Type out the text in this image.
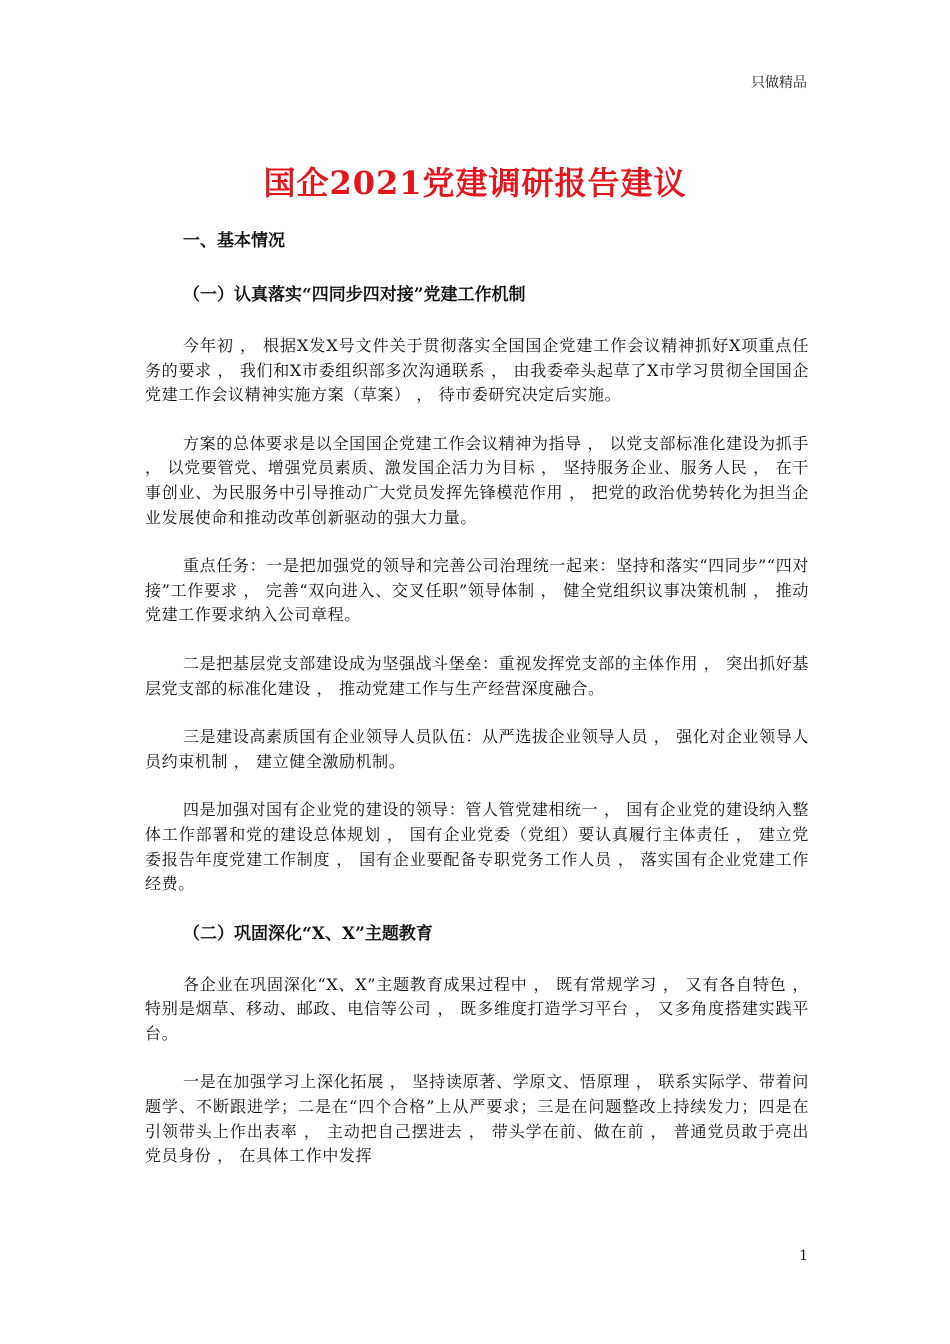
只做精品
国企2021党建调研报告建议
一、基本情况
（一）认真落实“四同步四对接”党建工作机制

今年初 ， 根据X发X号文件关于贯彻落实全国国企党建工作会议精神抓好X项重点任务的要求 ， 我们和X市委组织部多次沟通联系 ， 由我委牵头起草了X市学习贯彻全国国企党建工作会议精神实施方案（草案） ， 待市委研究决定后实施。

方案的总体要求是以全国国企党建工作会议精神为指导 ， 以党支部标准化建设为抓手 ， 以党要管党、增强党员素质、激发国企活力为目标 ， 坚持服务企业、服务人民 ， 在干事创业、为民服务中引导推动广大党员发挥先锋模范作用 ， 把党的政治优势转化为担当企业发展使命和推动改革创新驱动的强大力量。

重点任务：一是把加强党的领导和完善公司治理统一起来：坚持和落实“四同步”“四对接”工作要求 ， 完善“双向进入、交叉任职”领导体制 ， 健全党组织议事决策机制 ， 推动党建工作要求纳入公司章程。

二是把基层党支部建设成为坚强战斗堡垒：重视发挥党支部的主体作用 ， 突出抓好基层党支部的标准化建设 ， 推动党建工作与生产经营深度融合。

三是建设高素质国有企业领导人员队伍：从严选拔企业领导人员 ， 强化对企业领导人员约束机制 ， 建立健全激励机制。

四是加强对国有企业党的建设的领导：管人管党建相统一 ， 国有企业党的建设纳入整体工作部署和党的建设总体规划 ， 国有企业党委（党组）要认真履行主体责任 ， 建立党委报告年度党建工作制度 ， 国有企业要配备专职党务工作人员 ， 落实国有企业党建工作经费。

（二）巩固深化“X、X”主题教育

各企业在巩固深化“X、X”主题教育成果过程中 ， 既有常规学习 ， 又有各自特色 ， 特别是烟草、移动、邮政、电信等公司 ， 既多维度打造学习平台 ， 又多角度搭建实践平台。

一是在加强学习上深化拓展 ， 坚持读原著、学原文、悟原理 ， 联系实际学、带着问题学、不断跟进学；二是在“四个合格”上从严要求；三是在问题整改上持续发力；四是在引领带头上作出表率 ， 主动把自己摆进去 ， 带头学在前、做在前 ， 普通党员敢于亮出党员身份 ， 在具体工作中发挥

1
